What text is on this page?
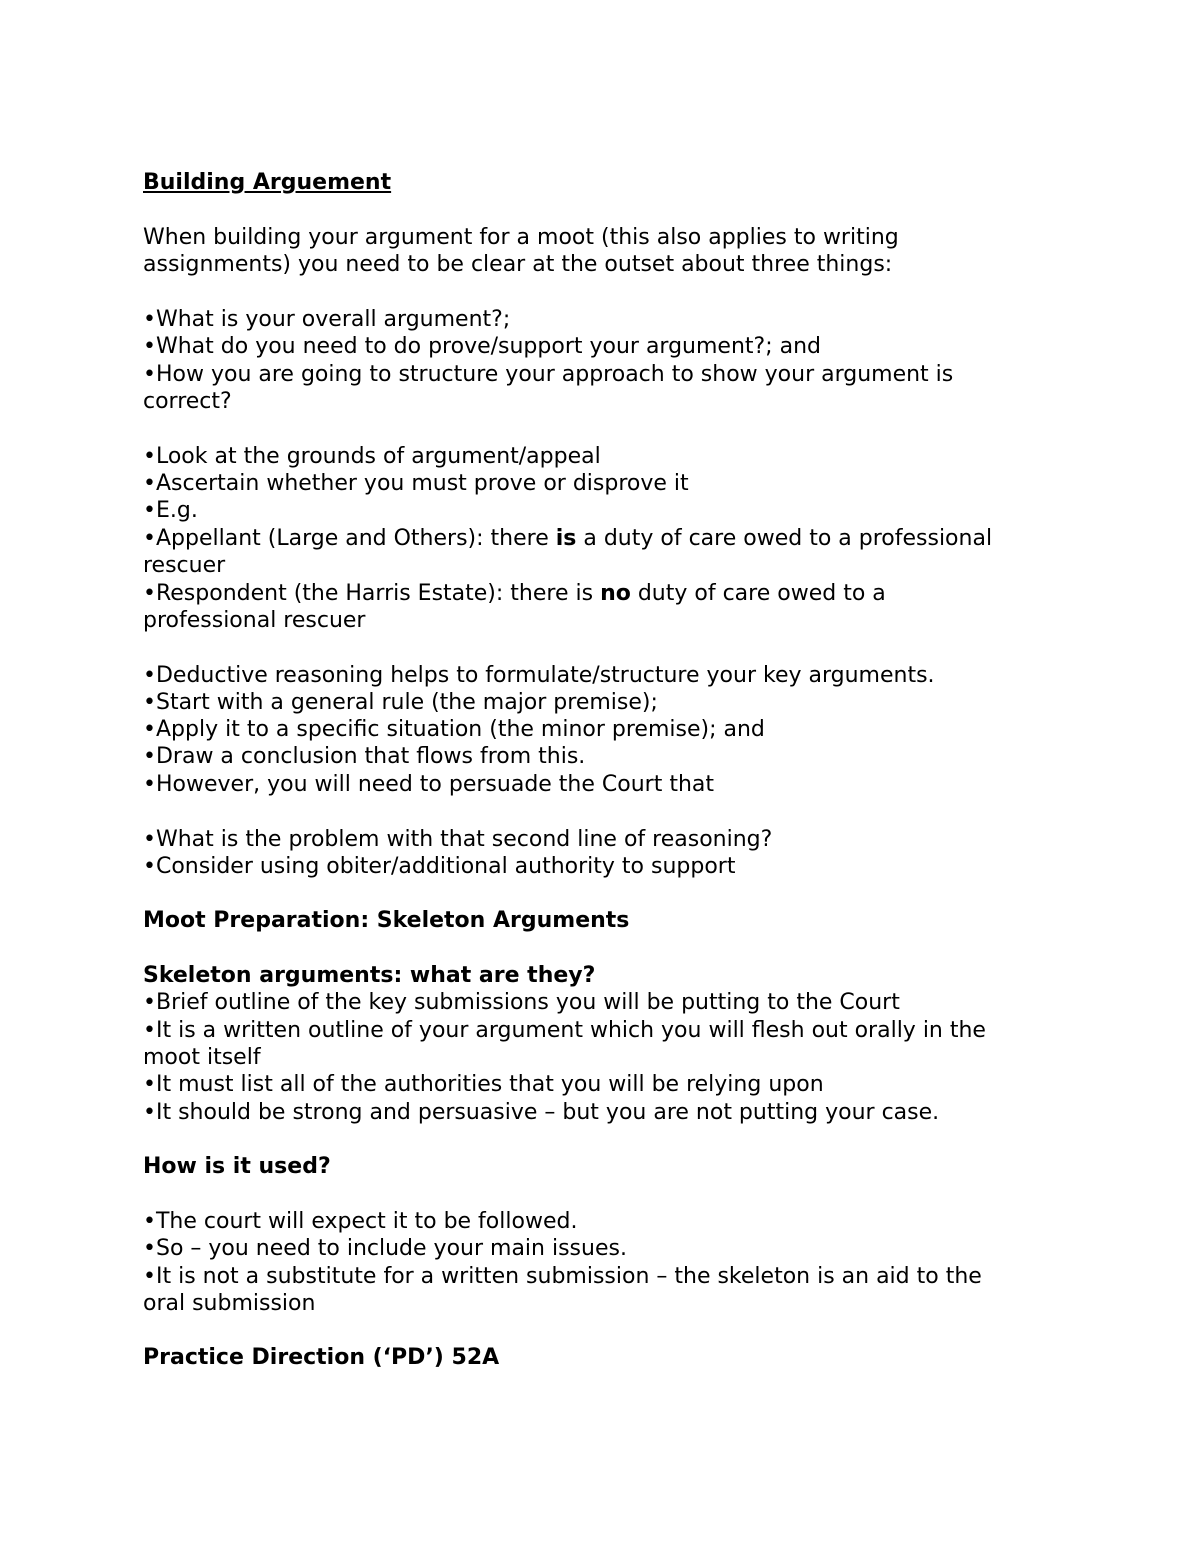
Building Arguement
When building your argument for a moot (this also applies to writing
assignments) you need to be clear at the outset about three things:
•What is your overall argument?;
•What do you need to do prove/support your argument?; and
•How you are going to structure your approach to show your argument is
correct?
•Look at the grounds of argument/appeal
•Ascertain whether you must prove or disprove it
•E.g.
•Appellant (Large and Others): there is a duty of care owed to a professional
rescuer
•Respondent (the Harris Estate): there is no duty of care owed to a
professional rescuer
•Deductive reasoning helps to formulate/structure your key arguments.
•Start with a general rule (the major premise);
•Apply it to a specific situation (the minor premise); and
•Draw a conclusion that flows from this.
•However, you will need to persuade the Court that
•What is the problem with that second line of reasoning?
•Consider using obiter/additional authority to support
Moot Preparation: Skeleton Arguments
Skeleton arguments: what are they?
•Brief outline of the key submissions you will be putting to the Court
•It is a written outline of your argument which you will flesh out orally in the
moot itself
•It must list all of the authorities that you will be relying upon
•It should be strong and persuasive – but you are not putting your case.
How is it used?
•The court will expect it to be followed.
•So – you need to include your main issues.
•It is not a substitute for a written submission – the skeleton is an aid to the
oral submission
Practice Direction (‘PD’) 52A
